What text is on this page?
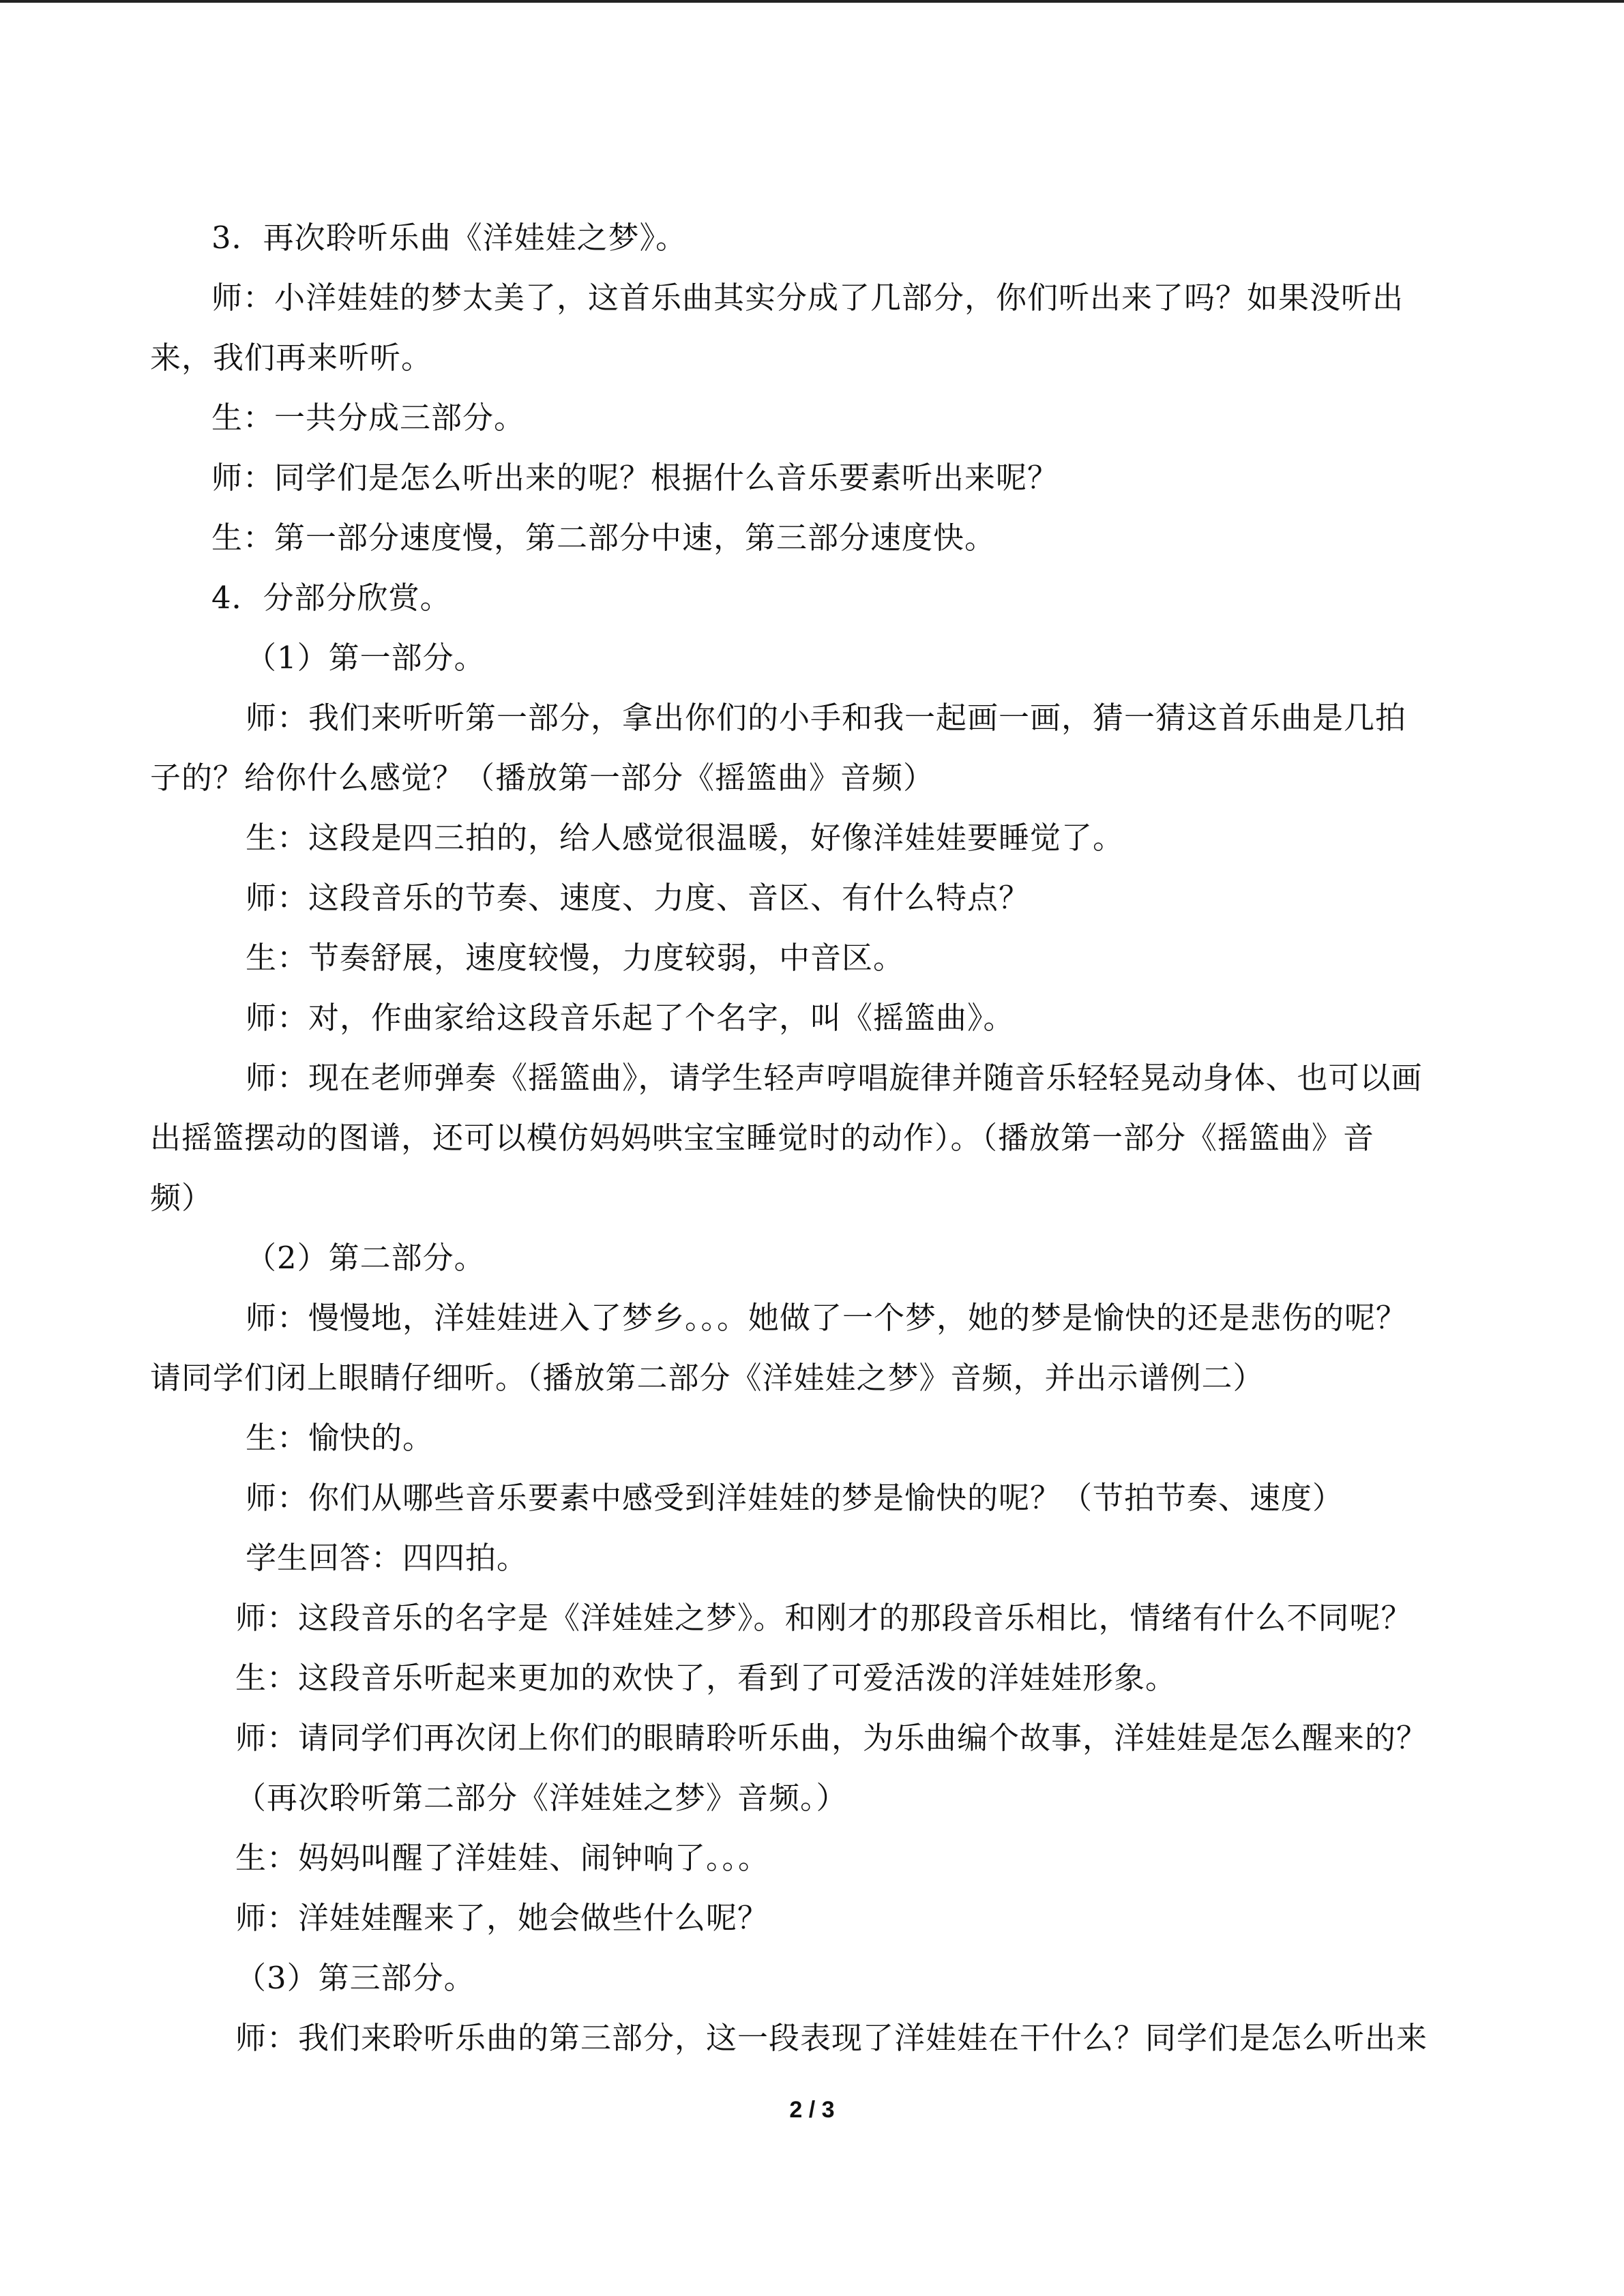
3．再次聆听乐曲《洋娃娃之梦》。
师：小洋娃娃的梦太美了，这首乐曲其实分成了几部分，你们听出来了吗？如果没听出
来，我们再来听听。
生：一共分成三部分。
师：同学们是怎么听出来的呢？根据什么音乐要素听出来呢？
生：第一部分速度慢，第二部分中速，第三部分速度快。
4．分部分欣赏。
（1）第一部分。
师：我们来听听第一部分，拿出你们的小手和我一起画一画，猜一猜这首乐曲是几拍
子的？给你什么感觉？（播放第一部分《摇篮曲》音频）
生：这段是四三拍的，给人感觉很温暖，好像洋娃娃要睡觉了。
师：这段音乐的节奏、速度、力度、音区、有什么特点？
生：节奏舒展，速度较慢，力度较弱，中音区。
师：对，作曲家给这段音乐起了个名字，叫《摇篮曲》。
师：现在老师弹奏《摇篮曲》，请学生轻声哼唱旋律并随音乐轻轻晃动身体、也可以画
出摇篮摆动的图谱，还可以模仿妈妈哄宝宝睡觉时的动作）。（播放第一部分《摇篮曲》音
频）
（2）第二部分。
师：慢慢地，洋娃娃进入了梦乡。。。她做了一个梦，她的梦是愉快的还是悲伤的呢？
请同学们闭上眼睛仔细听。（播放第二部分《洋娃娃之梦》音频，并出示谱例二）
生：愉快的。
师：你们从哪些音乐要素中感受到洋娃娃的梦是愉快的呢？（节拍节奏、速度）
学生回答：四四拍。
师：这段音乐的名字是《洋娃娃之梦》。和刚才的那段音乐相比，情绪有什么不同呢？
生：这段音乐听起来更加的欢快了，看到了可爱活泼的洋娃娃形象。
师：请同学们再次闭上你们的眼睛聆听乐曲，为乐曲编个故事，洋娃娃是怎么醒来的？
（再次聆听第二部分《洋娃娃之梦》音频。）
生：妈妈叫醒了洋娃娃、闹钟响了。。。
师：洋娃娃醒来了，她会做些什么呢？
（3）第三部分。
师：我们来聆听乐曲的第三部分，这一段表现了洋娃娃在干什么？同学们是怎么听出来
2 / 3
